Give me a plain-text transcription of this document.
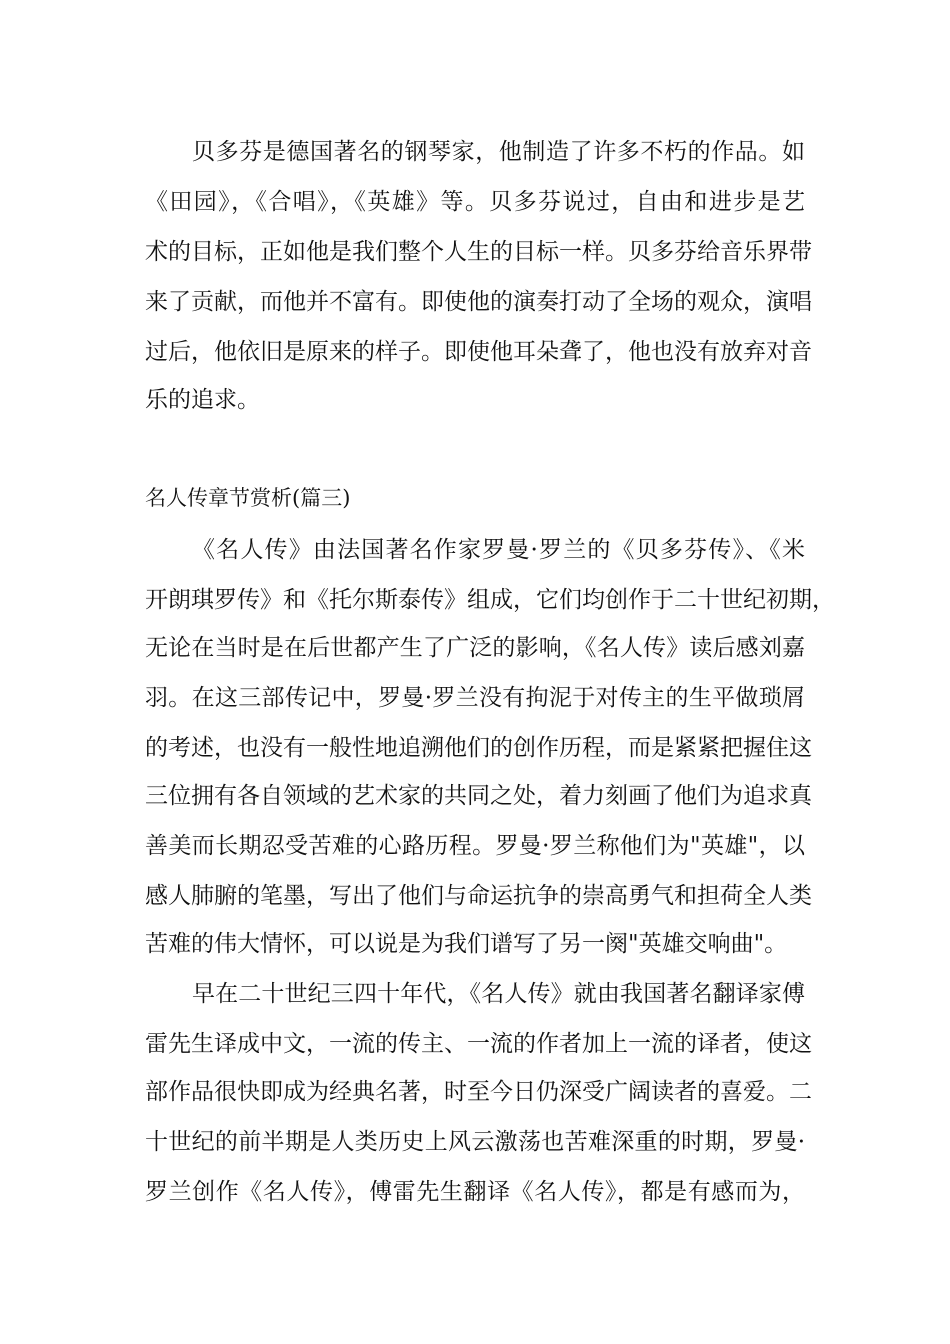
贝多芬是德国著名的钢琴家，他制造了许多不朽的作品。如

《田园》，《合唱》，《英雄》等。贝多芬说过，自由和进步是艺

术的目标，正如他是我们整个人生的目标一样。贝多芬给音乐界带

来了贡献，而他并不富有。即使他的演奏打动了全场的观众，演唱

过后，他依旧是原来的样子。即使他耳朵聋了，他也没有放弃对音

乐的追求。

名人传章节赏析(篇三)

《名人传》由法国著名作家罗曼·罗兰的《贝多芬传》、《米

开朗琪罗传》和《托尔斯泰传》组成，它们均创作于二十世纪初期，

无论在当时是在后世都产生了广泛的影响，《名人传》读后感刘嘉

羽。在这三部传记中，罗曼·罗兰没有拘泥于对传主的生平做琐屑

的考述，也没有一般性地追溯他们的创作历程，而是紧紧把握住这

三位拥有各自领域的艺术家的共同之处，着力刻画了他们为追求真

善美而长期忍受苦难的心路历程。罗曼·罗兰称他们为"英雄"，以

感人肺腑的笔墨，写出了他们与命运抗争的崇高勇气和担荷全人类

苦难的伟大情怀，可以说是为我们谱写了另一阕"英雄交响曲"。

早在二十世纪三四十年代，《名人传》就由我国著名翻译家傅

雷先生译成中文，一流的传主、一流的作者加上一流的译者，使这

部作品很快即成为经典名著，时至今日仍深受广阔读者的喜爱。二

十世纪的前半期是人类历史上风云激荡也苦难深重的时期，罗曼·

罗兰创作《名人传》，傅雷先生翻译《名人传》，都是有感而为，
